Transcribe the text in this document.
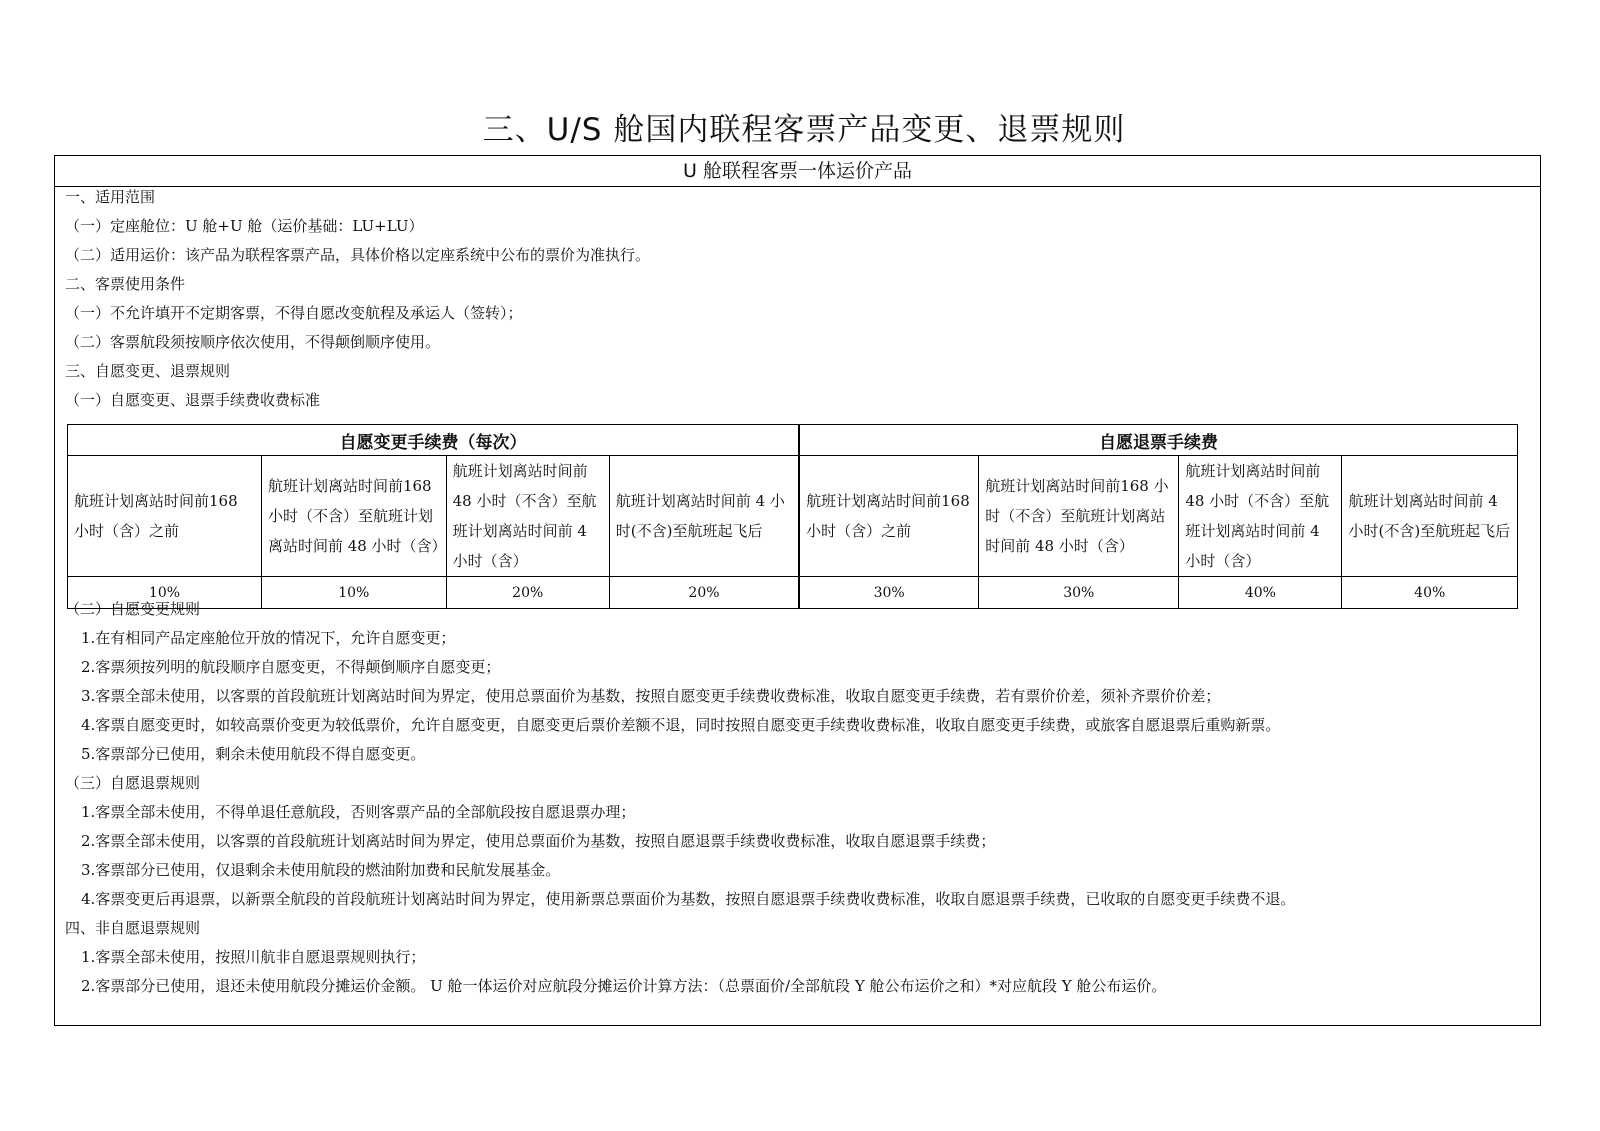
三、U/S 舱国内联程客票产品变更、退票规则
U 舱联程客票一体运价产品
一、适用范围
（一）定座舱位：U 舱+U 舱（运价基础：LU+LU）
（二）适用运价：该产品为联程客票产品，具体价格以定座系统中公布的票价为准执行。
二、客票使用条件
（一）不允许填开不定期客票，不得自愿改变航程及承运人（签转）；
（二）客票航段须按顺序依次使用，不得颠倒顺序使用。
三、自愿变更、退票规则
（一）自愿变更、退票手续费收费标准
自愿变更手续费（每次）				自愿退票手续费			
航班计划离站时间前168 小时（含）之前	航班计划离站时间前168 小时（不含）至航班计划离站时间前 48 小时（含）	航班计划离站时间前 48 小时（不含）至航班计划离站时间前 4 小时（含）	航班计划离站时间前 4 小时(不含)至航班起飞后	航班计划离站时间前168 小时（含）之前	航班计划离站时间前168 小时（不含）至航班计划离站时间前 48 小时（含）	航班计划离站时间前 48 小时（不含）至航班计划离站时间前 4 小时（含）	航班计划离站时间前 4 小时(不含)至航班起飞后
10%	10%	20%	20%	30%	30%	40%	40%
（二）自愿变更规则
1.在有相同产品定座舱位开放的情况下，允许自愿变更；
2.客票须按列明的航段顺序自愿变更，不得颠倒顺序自愿变更；
3.客票全部未使用，以客票的首段航班计划离站时间为界定，使用总票面价为基数，按照自愿变更手续费收费标准，收取自愿变更手续费，若有票价价差，须补齐票价价差；
4.客票自愿变更时，如较高票价变更为较低票价，允许自愿变更，自愿变更后票价差额不退，同时按照自愿变更手续费收费标准，收取自愿变更手续费，或旅客自愿退票后重购新票。
5.客票部分已使用，剩余未使用航段不得自愿变更。
（三）自愿退票规则
1.客票全部未使用，不得单退任意航段，否则客票产品的全部航段按自愿退票办理；
2.客票全部未使用，以客票的首段航班计划离站时间为界定，使用总票面价为基数，按照自愿退票手续费收费标准，收取自愿退票手续费；
3.客票部分已使用，仅退剩余未使用航段的燃油附加费和民航发展基金。
4.客票变更后再退票，以新票全航段的首段航班计划离站时间为界定，使用新票总票面价为基数，按照自愿退票手续费收费标准，收取自愿退票手续费，已收取的自愿变更手续费不退。
四、非自愿退票规则
1.客票全部未使用，按照川航非自愿退票规则执行；
2.客票部分已使用，退还未使用航段分摊运价金额。 U 舱一体运价对应航段分摊运价计算方法：（总票面价/全部航段 Y 舱公布运价之和）*对应航段 Y 舱公布运价。
